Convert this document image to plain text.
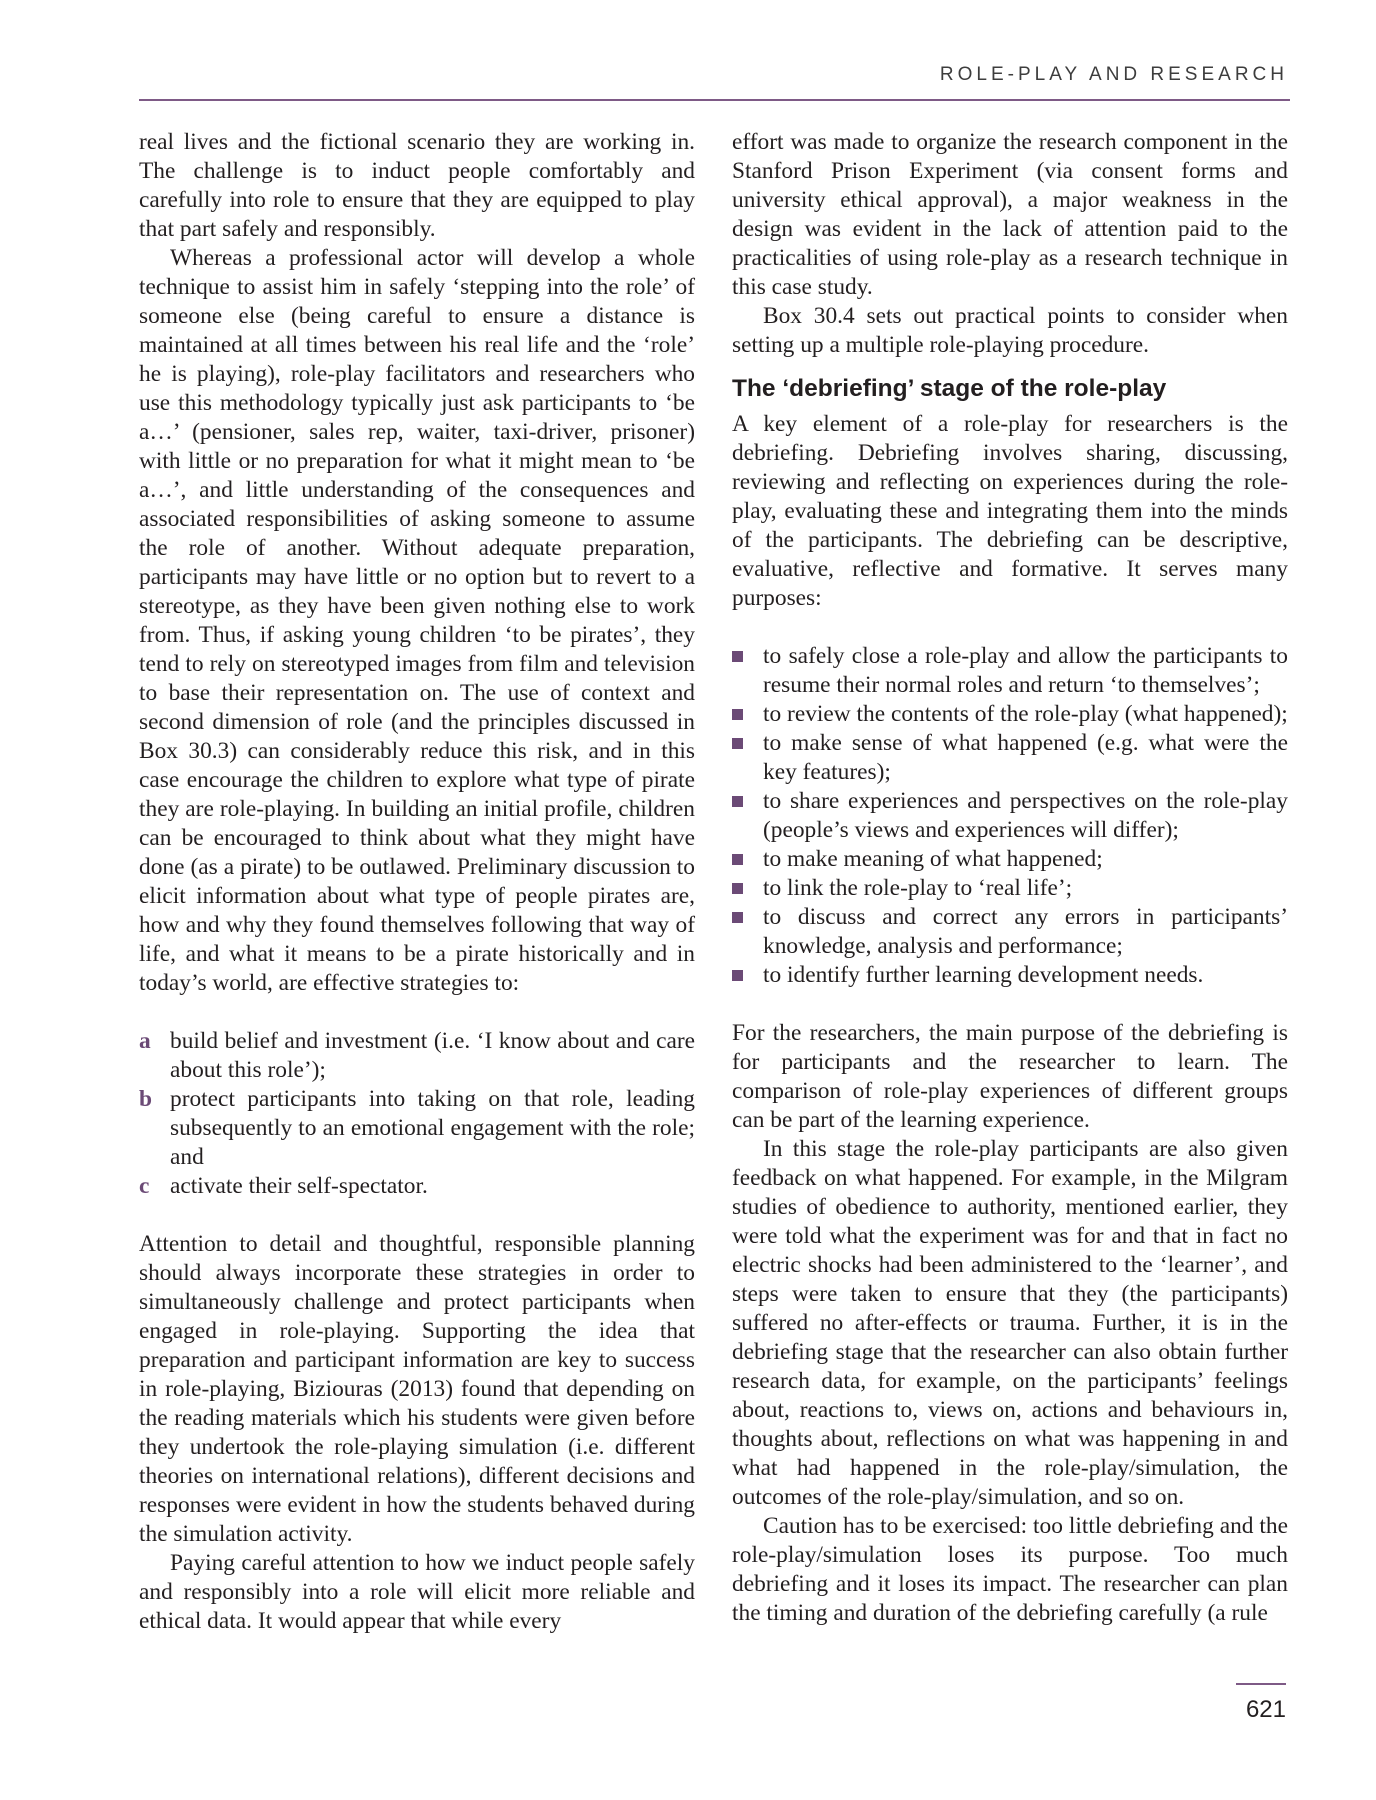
ROLE-PLAY AND RESEARCH

real lives and the fictional scenario they are working in. The challenge is to induct people comfortably and carefully into role to ensure that they are equipped to play that part safely and responsibly.

Whereas a professional actor will develop a whole technique to assist him in safely ‘stepping into the role’ of someone else (being careful to ensure a distance is maintained at all times between his real life and the ‘role’ he is playing), role-play facilitators and researchers who use this methodology typically just ask participants to ‘be a…’ (pensioner, sales rep, waiter, taxi-driver, prisoner) with little or no preparation for what it might mean to ‘be a…’, and little understanding of the consequences and associated responsibilities of asking someone to assume the role of another. Without adequate preparation, participants may have little or no option but to revert to a stereotype, as they have been given nothing else to work from. Thus, if asking young children ‘to be pirates’, they tend to rely on stereotyped images from film and television to base their representation on. The use of context and second dimension of role (and the principles discussed in Box 30.3) can considerably reduce this risk, and in this case encourage the children to explore what type of pirate they are role-playing. In building an initial profile, children can be encouraged to think about what they might have done (as a pirate) to be outlawed. Preliminary discussion to elicit information about what type of people pirates are, how and why they found themselves following that way of life, and what it means to be a pirate historically and in today’s world, are effective strategies to:

a build belief and investment (i.e. ‘I know about and care about this role’);
b protect participants into taking on that role, leading subsequently to an emotional engagement with the role; and
c activate their self-spectator.

Attention to detail and thoughtful, responsible planning should always incorporate these strategies in order to simultaneously challenge and protect participants when engaged in role-playing. Supporting the idea that preparation and participant information are key to success in role-playing, Biziouras (2013) found that depending on the reading materials which his students were given before they undertook the role-playing simulation (i.e. different theories on international relations), different decisions and responses were evident in how the students behaved during the simulation activity.

Paying careful attention to how we induct people safely and responsibly into a role will elicit more reliable and ethical data. It would appear that while every

effort was made to organize the research component in the Stanford Prison Experiment (via consent forms and university ethical approval), a major weakness in the design was evident in the lack of attention paid to the practicalities of using role-play as a research technique in this case study.

Box 30.4 sets out practical points to consider when setting up a multiple role-playing procedure.

The ‘debriefing’ stage of the role-play

A key element of a role-play for researchers is the debriefing. Debriefing involves sharing, discussing, reviewing and reflecting on experiences during the role-play, evaluating these and integrating them into the minds of the participants. The debriefing can be descriptive, evaluative, reflective and formative. It serves many purposes:

to safely close a role-play and allow the participants to resume their normal roles and return ‘to themselves’;
to review the contents of the role-play (what happened);
to make sense of what happened (e.g. what were the key features);
to share experiences and perspectives on the role-play (people’s views and experiences will differ);
to make meaning of what happened;
to link the role-play to ‘real life’;
to discuss and correct any errors in participants’ knowledge, analysis and performance;
to identify further learning development needs.

For the researchers, the main purpose of the debriefing is for participants and the researcher to learn. The comparison of role-play experiences of different groups can be part of the learning experience.

In this stage the role-play participants are also given feedback on what happened. For example, in the Milgram studies of obedience to authority, mentioned earlier, they were told what the experiment was for and that in fact no electric shocks had been administered to the ‘learner’, and steps were taken to ensure that they (the participants) suffered no after-effects or trauma. Further, it is in the debriefing stage that the researcher can also obtain further research data, for example, on the participants’ feelings about, reactions to, views on, actions and behaviours in, thoughts about, reflections on what was happening in and what had happened in the role-play/simulation, the outcomes of the role-play/simulation, and so on.

Caution has to be exercised: too little debriefing and the role-play/simulation loses its purpose. Too much debriefing and it loses its impact. The researcher can plan the timing and duration of the debriefing carefully (a rule

621
